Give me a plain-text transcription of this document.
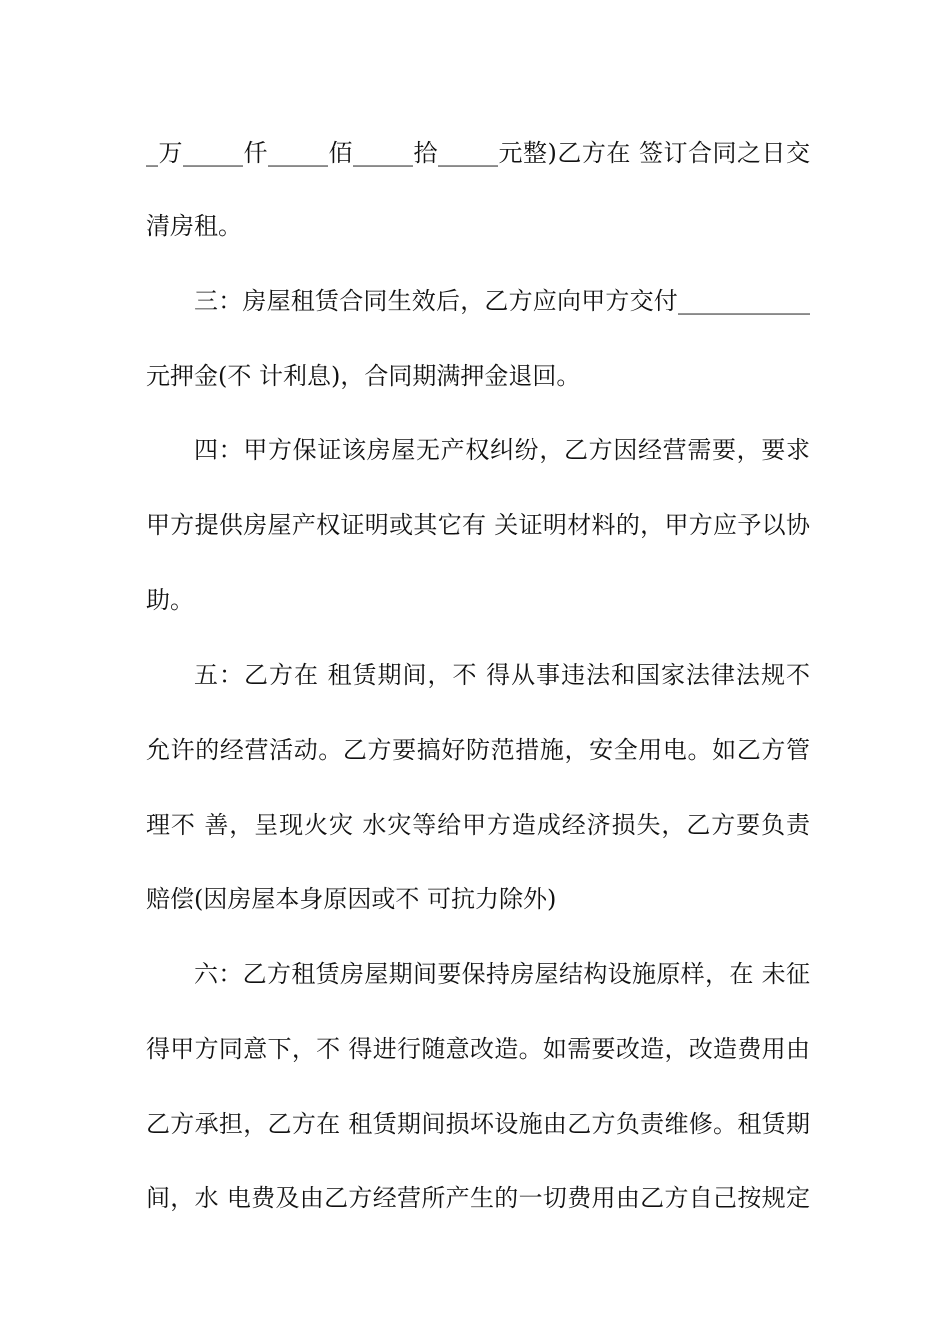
_万_____仟_____佰_____拾_____元整)乙方在 签订合同之日交
清房租。
三：房屋租赁合同生效后，乙方应向甲方交付___________
元押金(不 计利息)，合同期满押金退回。
四：甲方保证该房屋无产权纠纷，乙方因经营需要，要求
甲方提供房屋产权证明或其它有 关证明材料的，甲方应予以协
助。
五：乙方在 租赁期间，不 得从事违法和国家法律法规不
允许的经营活动。乙方要搞好防范措施，安全用电。如乙方管
理不 善，呈现火灾 水灾等给甲方造成经济损失，乙方要负责
赔偿(因房屋本身原因或不 可抗力除外)
六：乙方租赁房屋期间要保持房屋结构设施原样，在 未征
得甲方同意下，不 得进行随意改造。如需要改造，改造费用由
乙方承担，乙方在 租赁期间损坏设施由乙方负责维修。租赁期
间，水 电费及由乙方经营所产生的一切费用由乙方自己按规定
